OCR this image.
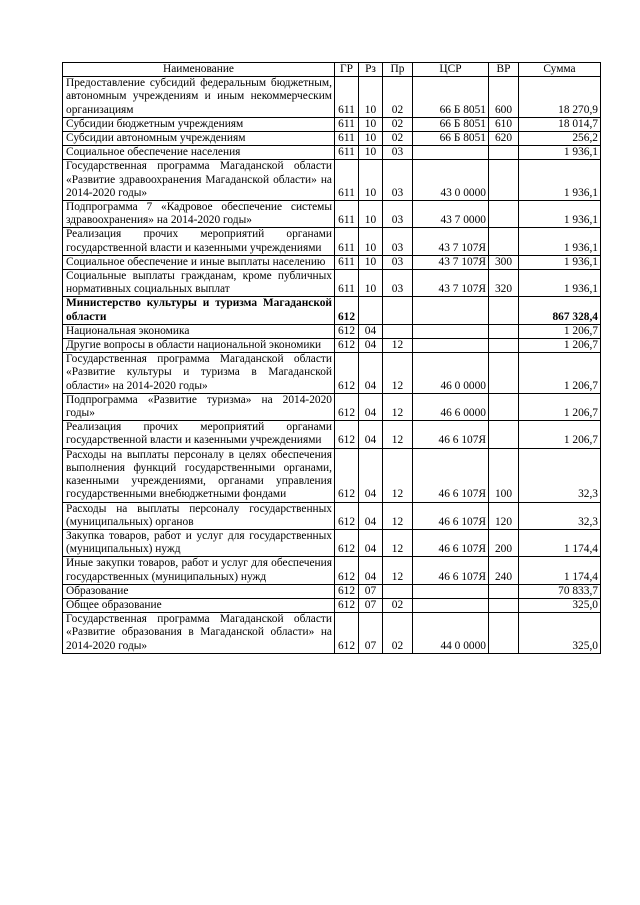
Наименование	ГР	Рз	Пр	ЦСР	ВР	Сумма
Предоставление субсидий федеральным бюджетным, автономным учреждениям и иным некоммерческим организациям	611	10	02	66 Б 8051	600	18 270,9
Субсидии бюджетным учреждениям	611	10	02	66 Б 8051	610	18 014,7
Субсидии автономным учреждениям	611	10	02	66 Б 8051	620	256,2
Социальное обеспечение населения	611	10	03			1 936,1
Государственная программа Магаданской области «Развитие здравоохранения Магаданской области» на 2014-2020 годы»	611	10	03	43 0 0000		1 936,1
Подпрограмма 7 «Кадровое обеспечение системы здравоохранения» на 2014-2020 годы»	611	10	03	43 7 0000		1 936,1
Реализация прочих мероприятий органами государственной власти и казенными учреждениями	611	10	03	43 7 107Я		1 936,1
Социальное обеспечение и иные выплаты населению	611	10	03	43 7 107Я	300	1 936,1
Социальные выплаты гражданам, кроме публичных нормативных социальных выплат	611	10	03	43 7 107Я	320	1 936,1
Министерство культуры и туризма Магаданской области	612					867 328,4
Национальная экономика	612	04				1 206,7
Другие вопросы в области национальной экономики	612	04	12			1 206,7
Государственная программа Магаданской области «Развитие культуры и туризма в Магаданской области» на 2014-2020 годы»	612	04	12	46 0 0000		1 206,7
Подпрограмма «Развитие туризма» на 2014-2020 годы»	612	04	12	46 6 0000		1 206,7
Реализация прочих мероприятий органами государственной власти и казенными учреждениями	612	04	12	46 6 107Я		1 206,7
Расходы на выплаты персоналу в целях обеспечения выполнения функций государственными органами, казенными учреждениями, органами управления государственными внебюджетными фондами	612	04	12	46 6 107Я	100	32,3
Расходы на выплаты персоналу государственных (муниципальных) органов	612	04	12	46 6 107Я	120	32,3
Закупка товаров, работ и услуг для государственных (муниципальных) нужд	612	04	12	46 6 107Я	200	1 174,4
Иные закупки товаров, работ и услуг для обеспечения государственных (муниципальных) нужд	612	04	12	46 6 107Я	240	1 174,4
Образование	612	07				70 833,7
Общее образование	612	07	02			325,0
Государственная программа Магаданской области «Развитие образования в Магаданской области» на 2014-2020 годы»	612	07	02	44 0 0000		325,0
